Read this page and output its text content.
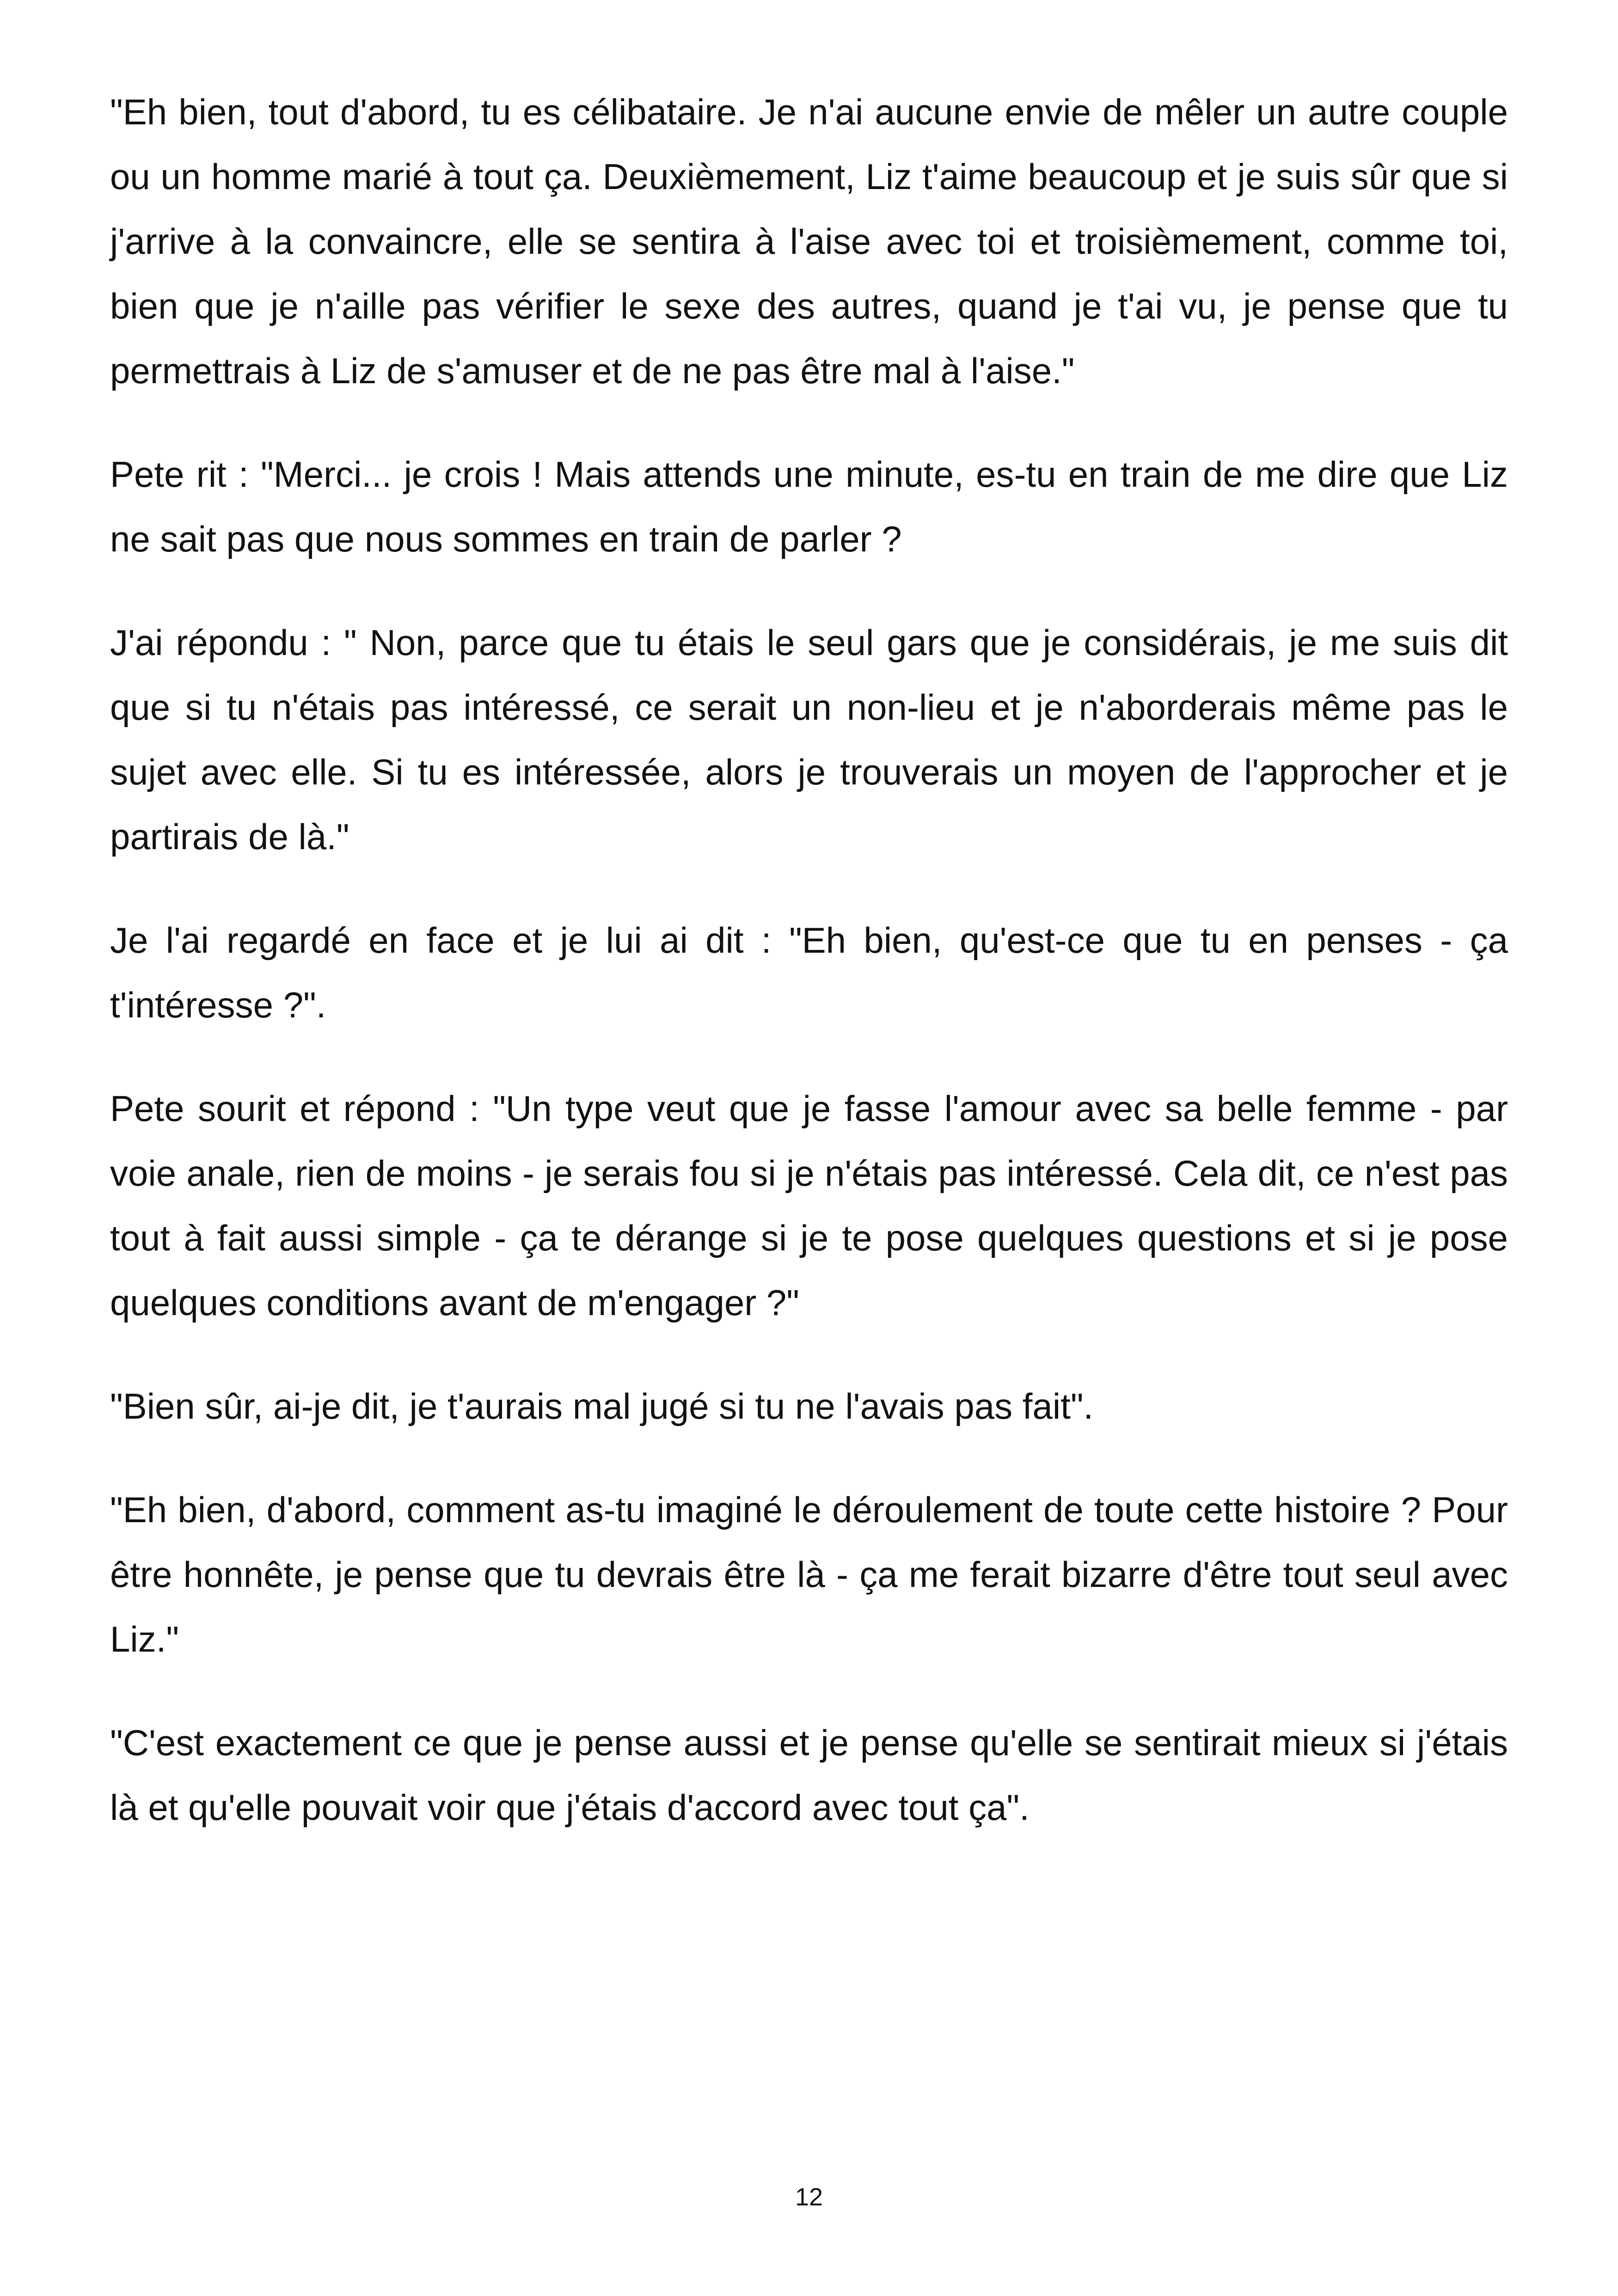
"Eh bien, tout d'abord, tu es célibataire. Je n'ai aucune envie de mêler un autre couple ou un homme marié à tout ça. Deuxièmement, Liz t'aime beaucoup et je suis sûr que si j'arrive à la convaincre, elle se sentira à l'aise avec toi et troisièmement, comme toi, bien que je n'aille pas vérifier le sexe des autres, quand je t'ai vu, je pense que tu permettrais à Liz de s'amuser et de ne pas être mal à l'aise."

Pete rit : "Merci... je crois ! Mais attends une minute, es-tu en train de me dire que Liz ne sait pas que nous sommes en train de parler ?

J'ai répondu : " Non, parce que tu étais le seul gars que je considérais, je me suis dit que si tu n'étais pas intéressé, ce serait un non-lieu et je n'aborderais même pas le sujet avec elle. Si tu es intéressée, alors je trouverais un moyen de l'approcher et je partirais de là."

Je l'ai regardé en face et je lui ai dit : "Eh bien, qu'est-ce que tu en penses - ça t'intéresse ?".

Pete sourit et répond : "Un type veut que je fasse l'amour avec sa belle femme - par voie anale, rien de moins - je serais fou si je n'étais pas intéressé. Cela dit, ce n'est pas tout à fait aussi simple - ça te dérange si je te pose quelques questions et si je pose quelques conditions avant de m'engager ?"

"Bien sûr, ai-je dit, je t'aurais mal jugé si tu ne l'avais pas fait".

"Eh bien, d'abord, comment as-tu imaginé le déroulement de toute cette histoire ? Pour être honnête, je pense que tu devrais être là - ça me ferait bizarre d'être tout seul avec Liz."

"C'est exactement ce que je pense aussi et je pense qu'elle se sentirait mieux si j'étais là et qu'elle pouvait voir que j'étais d'accord avec tout ça".

12
